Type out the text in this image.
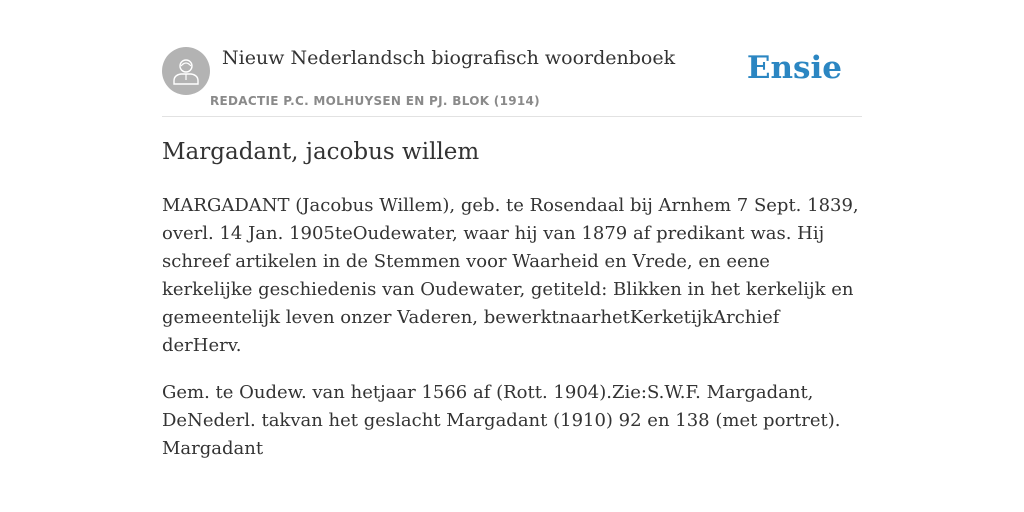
Nieuw Nederlandsch biografisch woordenboek
REDACTIE P.C. MOLHUYSEN EN PJ. BLOK (1914)
Ensie
Margadant, jacobus willem

MARGADANT (Jacobus Willem), geb. te Rosendaal bij Arnhem 7 Sept. 1839, overl. 14 Jan. 1905teOudewater, waar hij van 1879 af predikant was. Hij schreef artikelen in de Stemmen voor Waarheid en Vrede, en eene kerkelijke geschiedenis van Oudewater, getiteld: Blikken in het kerkelijk en gemeentelijk leven onzer Vaderen, bewerktnaarhetKerketijkArchief derHerv.

Gem. te Oudew. van hetjaar 1566 af (Rott. 1904).Zie:S.W.F. Margadant, DeNederl. takvan het geslacht Margadant (1910) 92 en 138 (met portret).

Margadant
